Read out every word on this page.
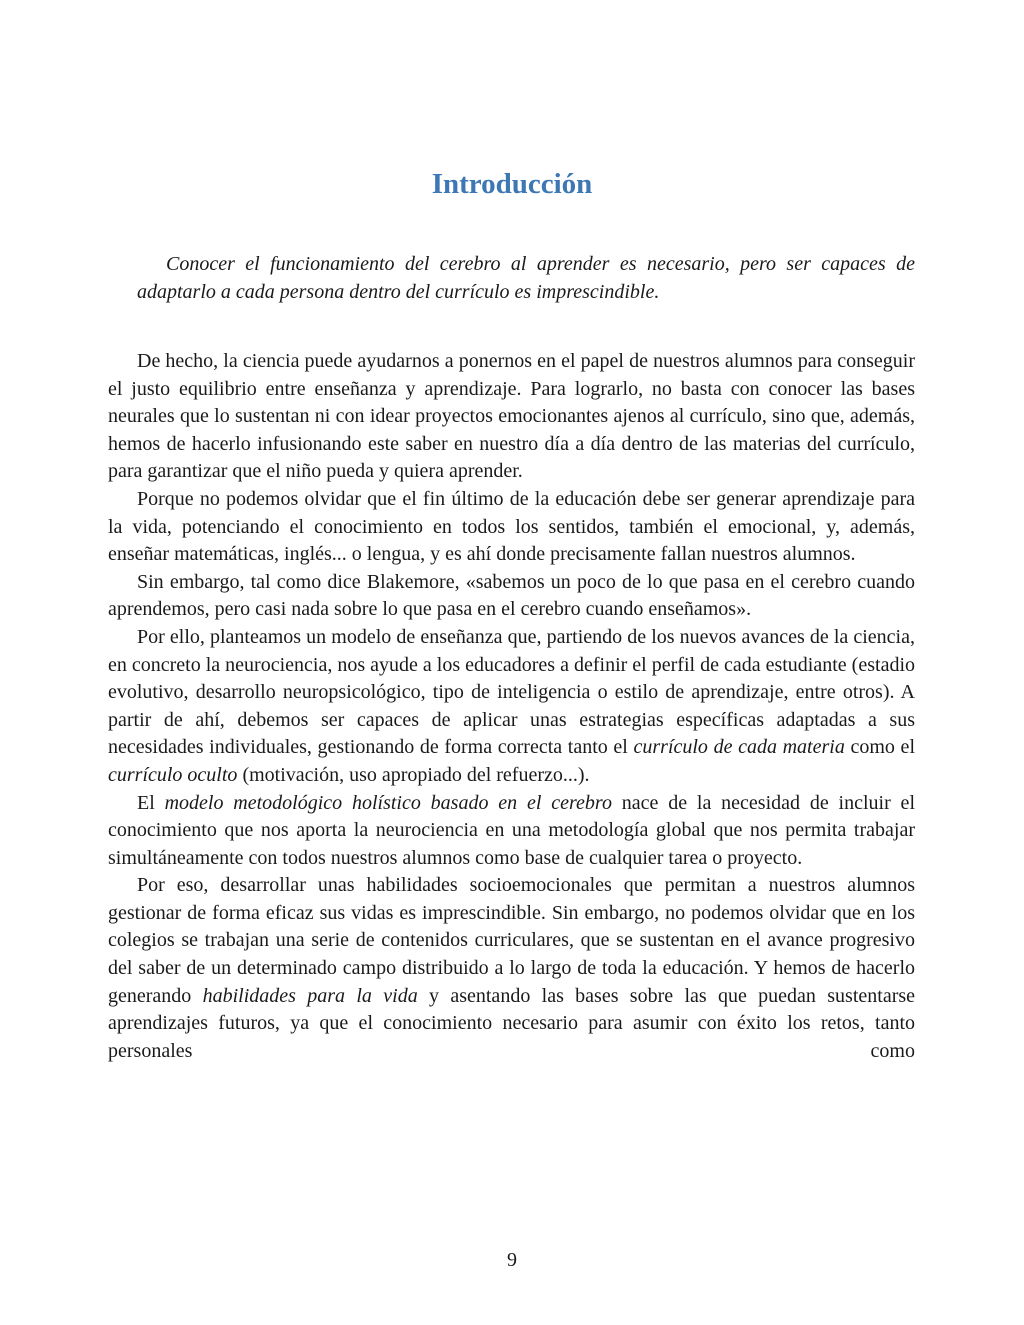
Introducción

Conocer el funcionamiento del cerebro al aprender es necesario, pero ser capaces de adaptarlo a cada persona dentro del currículo es imprescindible.

De hecho, la ciencia puede ayudarnos a ponernos en el papel de nuestros alumnos para conseguir el justo equilibrio entre enseñanza y aprendizaje. Para lograrlo, no basta con conocer las bases neurales que lo sustentan ni con idear proyectos emocionantes ajenos al currículo, sino que, además, hemos de hacerlo infusionando este saber en nuestro día a día dentro de las materias del currículo, para garantizar que el niño pueda y quiera aprender.

Porque no podemos olvidar que el fin último de la educación debe ser generar aprendizaje para la vida, potenciando el conocimiento en todos los sentidos, también el emocional, y, además, enseñar matemáticas, inglés... o lengua, y es ahí donde precisamente fallan nuestros alumnos.

Sin embargo, tal como dice Blakemore, «sabemos un poco de lo que pasa en el cerebro cuando aprendemos, pero casi nada sobre lo que pasa en el cerebro cuando enseñamos».

Por ello, planteamos un modelo de enseñanza que, partiendo de los nuevos avances de la ciencia, en concreto la neurociencia, nos ayude a los educadores a definir el perfil de cada estudiante (estadio evolutivo, desarrollo neuropsicológico, tipo de inteligencia o estilo de aprendizaje, entre otros). A partir de ahí, debemos ser capaces de aplicar unas estrategias específicas adaptadas a sus necesidades individuales, gestionando de forma correcta tanto el currículo de cada materia como el currículo oculto (motivación, uso apropiado del refuerzo...).

El modelo metodológico holístico basado en el cerebro nace de la necesidad de incluir el conocimiento que nos aporta la neurociencia en una metodología global que nos permita trabajar simultáneamente con todos nuestros alumnos como base de cualquier tarea o proyecto.

Por eso, desarrollar unas habilidades socioemocionales que permitan a nuestros alumnos gestionar de forma eficaz sus vidas es imprescindible. Sin embargo, no podemos olvidar que en los colegios se trabajan una serie de contenidos curriculares, que se sustentan en el avance progresivo del saber de un determinado campo distribuido a lo largo de toda la educación. Y hemos de hacerlo generando habilidades para la vida y asentando las bases sobre las que puedan sustentarse aprendizajes futuros, ya que el conocimiento necesario para asumir con éxito los retos, tanto personales como

9
